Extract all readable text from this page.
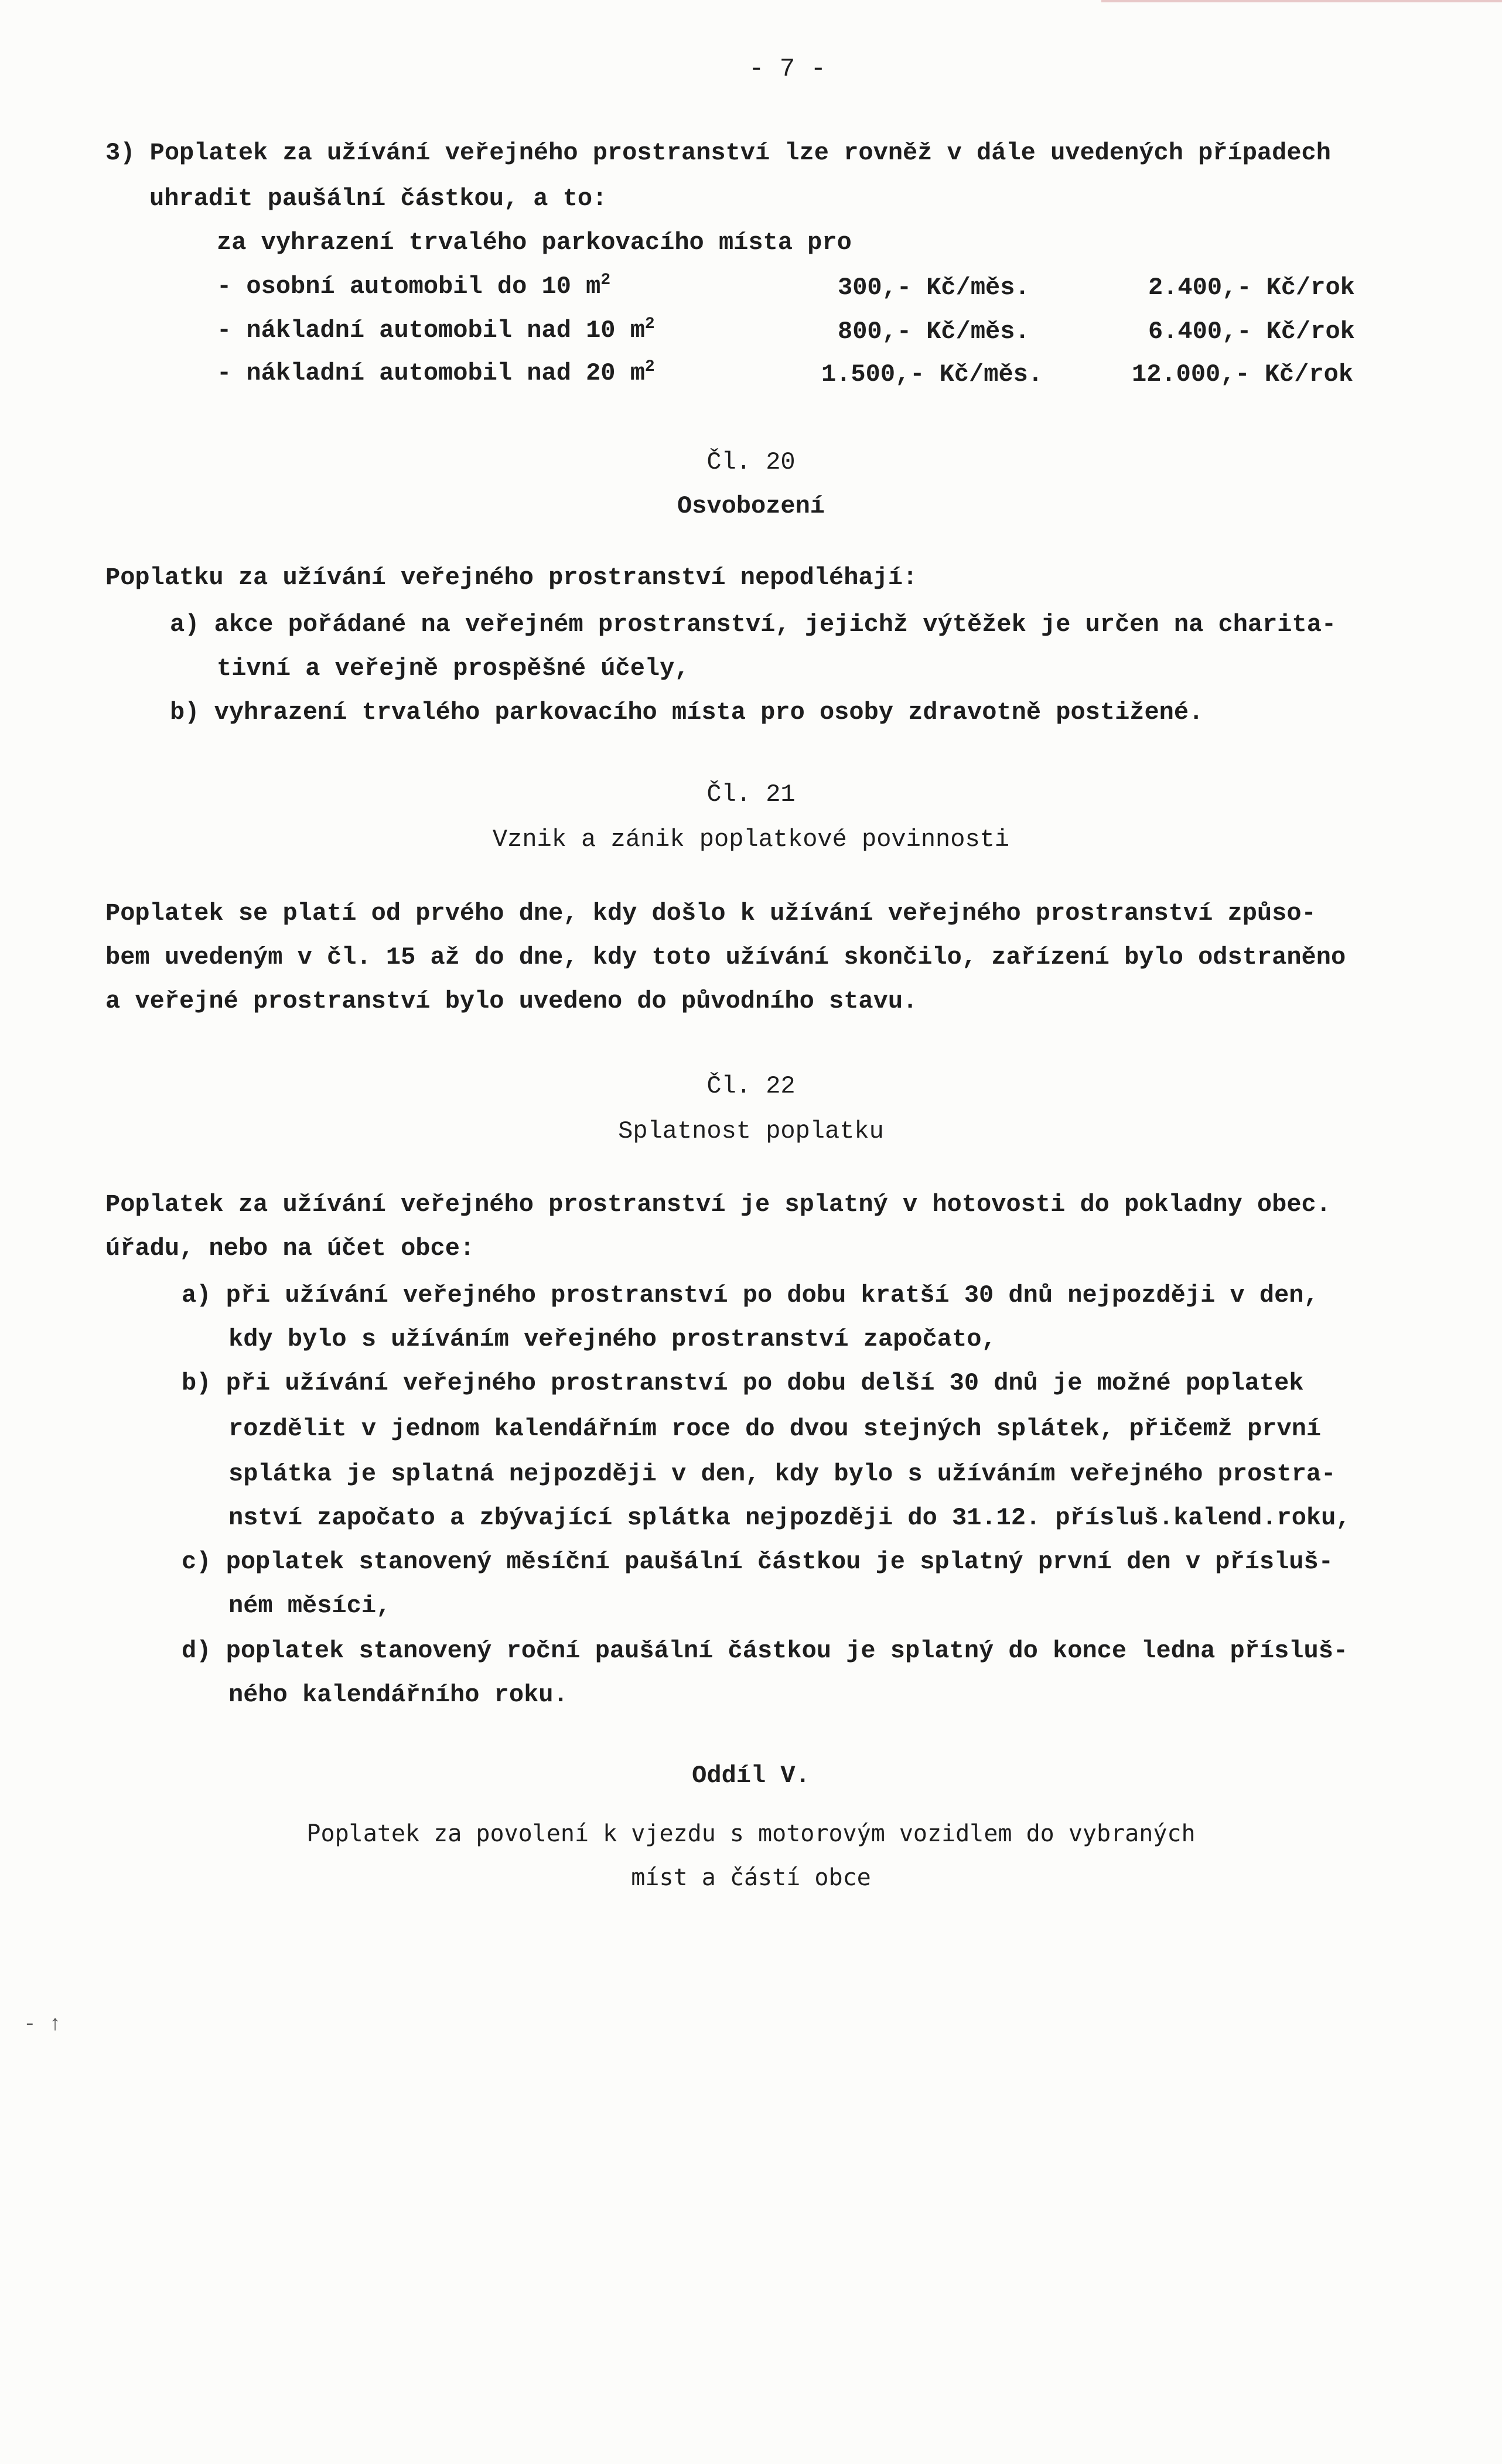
- 7 -
3) Poplatek za užívání veřejného prostranství lze rovněž v dále uvedených případech
uhradit paušální částkou, a to:
za vyhrazení trvalého parkovacího místa pro
- osobní automobil do 10 $m^2$	300,- Kč/měs.	2.400,- Kč/rok
- nákladní automobil nad 10 $m^2$	800,- Kč/měs.	6.400,- Kč/rok
- nákladní automobil nad 20 $m^2$	1.500,- Kč/měs.	12.000,- Kč/rok
Čl. 20
Osvobození
Poplatku za užívání veřejného prostranství nepodléhají:
a) akce pořádané na veřejném prostranství, jejichž výtěžek je určen na charita-
tivní a veřejně prospěšné účely,
b) vyhrazení trvalého parkovacího místa pro osoby zdravotně postižené.
Čl. 21
Vznik a zánik poplatkové povinnosti
Poplatek se platí od prvého dne, kdy došlo k užívání veřejného prostranství způso-
bem uvedeným v čl. 15 až do dne, kdy toto užívání skončilo, zařízení bylo odstraněno
a veřejné prostranství bylo uvedeno do původního stavu.
Čl. 22
Splatnost poplatku
Poplatek za užívání veřejného prostranství je splatný v hotovosti do pokladny obec.
úřadu, nebo na účet obce:
a) při užívání veřejného prostranství po dobu kratší 30 dnů nejpozději v den,
kdy bylo s užíváním veřejného prostranství započato,
b) při užívání veřejného prostranství po dobu delší 30 dnů je možné poplatek
rozdělit v jednom kalendářním roce do dvou stejných splátek, přičemž první
splátka je splatná nejpozději v den, kdy bylo s užíváním veřejného prostra-
nství započato a zbývající splátka nejpozději do 31.12. přísluš.kalend.roku,
c) poplatek stanovený měsíční paušální částkou je splatný první den v přísluš-
ném měsíci,
d) poplatek stanovený roční paušální částkou je splatný do konce ledna přísluš-
ného kalendářního roku.
Oddíl V.
Poplatek za povolení k vjezdu s motorovým vozidlem do vybraných
míst a částí obce
- ↑
